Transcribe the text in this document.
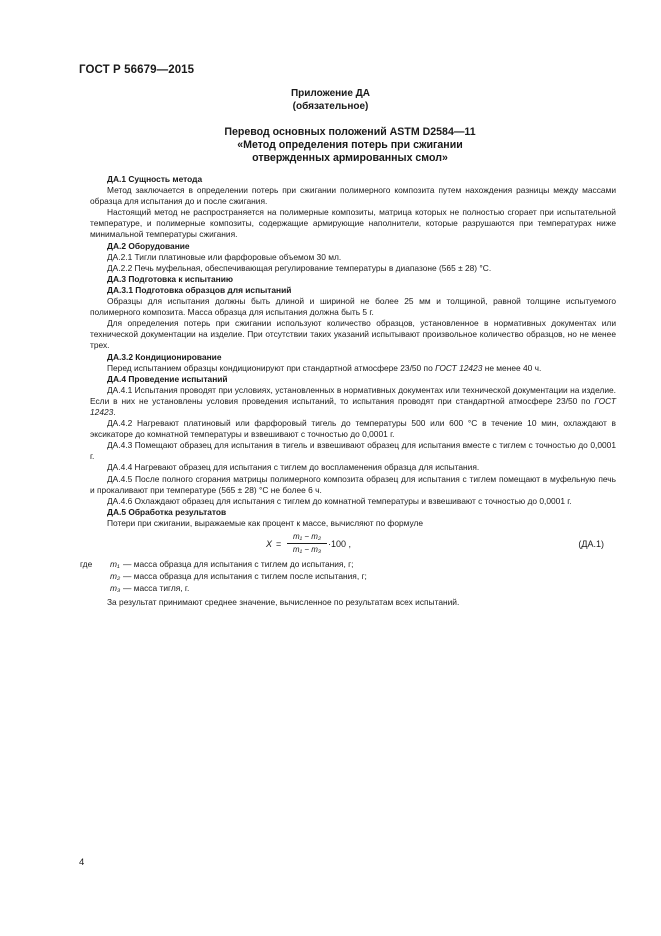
ГОСТ Р 56679—2015
Приложение ДА
(обязательное)
Перевод основных положений ASTM D2584—11
«Метод определения потерь при сжигании
отвержденных армированных смол»

ДА.1 Сущность метода

Метод заключается в определении потерь при сжигании полимерного композита путем нахождения разницы между массами образца для испытания до и после сжигания.

Настоящий метод не распространяется на полимерные композиты, матрица которых не полностью сгорает при испытательной температуре, и полимерные композиты, содержащие армирующие наполнители, которые разрушаются при температурах ниже минимальной температуры сжигания.

ДА.2 Оборудование

ДА.2.1 Тигли платиновые или фарфоровые объемом 30 мл.

ДА.2.2 Печь муфельная, обеспечивающая регулирование температуры в диапазоне (565 ± 28) °С.

ДА.3 Подготовка к испытанию

ДА.3.1 Подготовка образцов для испытаний

Образцы для испытания должны быть длиной и шириной не более 25 мм и толщиной, равной толщине испытуемого полимерного композита. Масса образца для испытания должна быть 5 г.

Для определения потерь при сжигании используют количество образцов, установленное в нормативных документах или технической документации на изделие. При отсутствии таких указаний испытывают произвольное количество образцов, но не менее трех.

ДА.3.2 Кондиционирование

Перед испытанием образцы кондиционируют при стандартной атмосфере 23/50 по ГОСТ 12423 не менее 40 ч.

ДА.4 Проведение испытаний

ДА.4.1 Испытания проводят при условиях, установленных в нормативных документах или технической документации на изделие. Если в них не установлены условия проведения испытаний, то испытания проводят при стандартной атмосфере 23/50 по ГОСТ 12423.

ДА.4.2 Нагревают платиновый или фарфоровый тигель до температуры 500 или 600 °С в течение 10 мин, охлаждают в эксикаторе до комнатной температуры и взвешивают с точностью до 0,0001 г.

ДА.4.3 Помещают образец для испытания в тигель и взвешивают образец для испытания вместе с тиглем с точностью до 0,0001 г.

ДА.4.4 Нагревают образец для испытания с тиглем до воспламенения образца для испытания.

ДА.4.5 После полного сгорания матрицы полимерного композита образец для испытания с тиглем помещают в муфельную печь и прокаливают при температуре (565 ± 28) °С не более 6 ч.

ДА.4.6 Охлаждают образец для испытания с тиглем до комнатной температуры и взвешивают с точностью до 0,0001 г.

ДА.5 Обработка результатов

Потери при сжигании, выражаемые как процент к массе, вычисляют по формуле

$X = \frac{\text{m₁ − m₂}}{\text{m₁ − m₃}} \cdot 100$ ,	(ДА.1)
где m₁ — масса образца для испытания с тиглем до испытания, г;
m₂ — масса образца для испытания с тиглем после испытания, г;
m₃ — масса тигля, г.

За результат принимают среднее значение, вычисленное по результатам всех испытаний.

4
